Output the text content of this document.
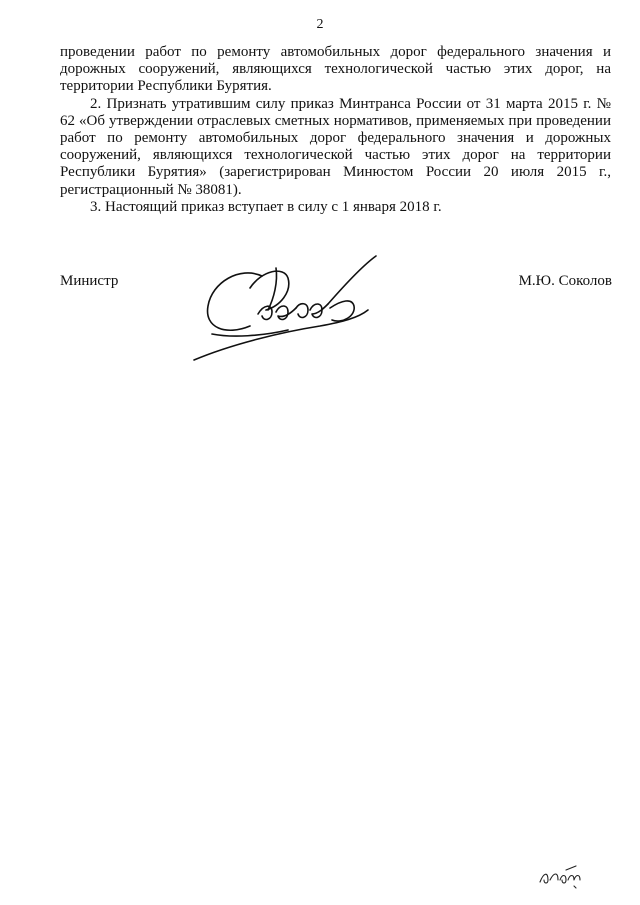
2

проведении работ по ремонту автомобильных дорог федерального значения и дорожных сооружений, являющихся технологической частью этих дорог, на территории Республики Бурятия.

2. Признать утратившим силу приказ Минтранса России от 31 марта 2015 г. № 62 «Об утверждении отраслевых сметных нормативов, применяемых при проведении работ по ремонту автомобильных дорог федерального значения и дорожных сооружений, являющихся технологической частью этих дорог на территории Республики Бурятия» (зарегистрирован Минюстом России 20 июля 2015 г., регистрационный № 38081).

3. Настоящий приказ вступает в силу с 1 января 2018 г.

Министр	М.Ю. Соколов
